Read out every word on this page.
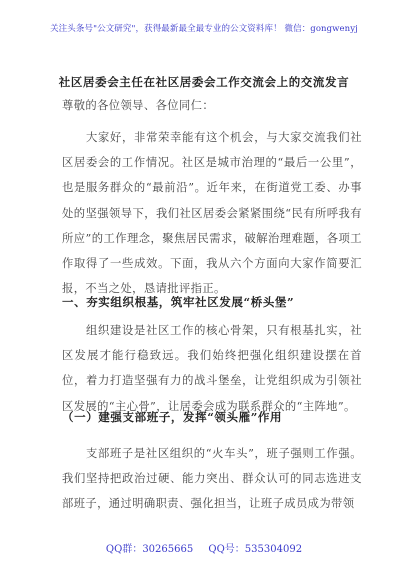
关注头条号"公文研究"，获得最新最全最专业的公文资料库！ 微信：gongwenyj
社区居委会主任在社区居委会工作交流会上的交流发言
尊敬的各位领导、各位同仁：
大家好，非常荣幸能有这个机会，与大家交流我们社区居委会的工作情况。社区是城市治理的“最后一公里”，也是服务群众的“最前沿”。近年来，在街道党工委、办事处的坚强领导下，我们社区居委会紧紧围绕“民有所呼我有所应”的工作理念，聚焦居民需求，破解治理难题，各项工作取得了一些成效。下面，我从六个方面向大家作简要汇报，不当之处，恳请批评指正。
一、夯实组织根基，筑牢社区发展“桥头堡”
组织建设是社区工作的核心骨架，只有根基扎实，社区发展才能行稳致远。我们始终把强化组织建设摆在首位，着力打造坚强有力的战斗堡垒，让党组织成为引领社区发展的“主心骨”，让居委会成为联系群众的“主阵地”。
（一）建强支部班子，发挥“领头雁”作用
支部班子是社区组织的“火车头”，班子强则工作强。我们坚持把政治过硬、能力突出、群众认可的同志选进支部班子，通过明确职责、强化担当，让班子成员成为带领
QQ群：30265665 QQ号：535304092
